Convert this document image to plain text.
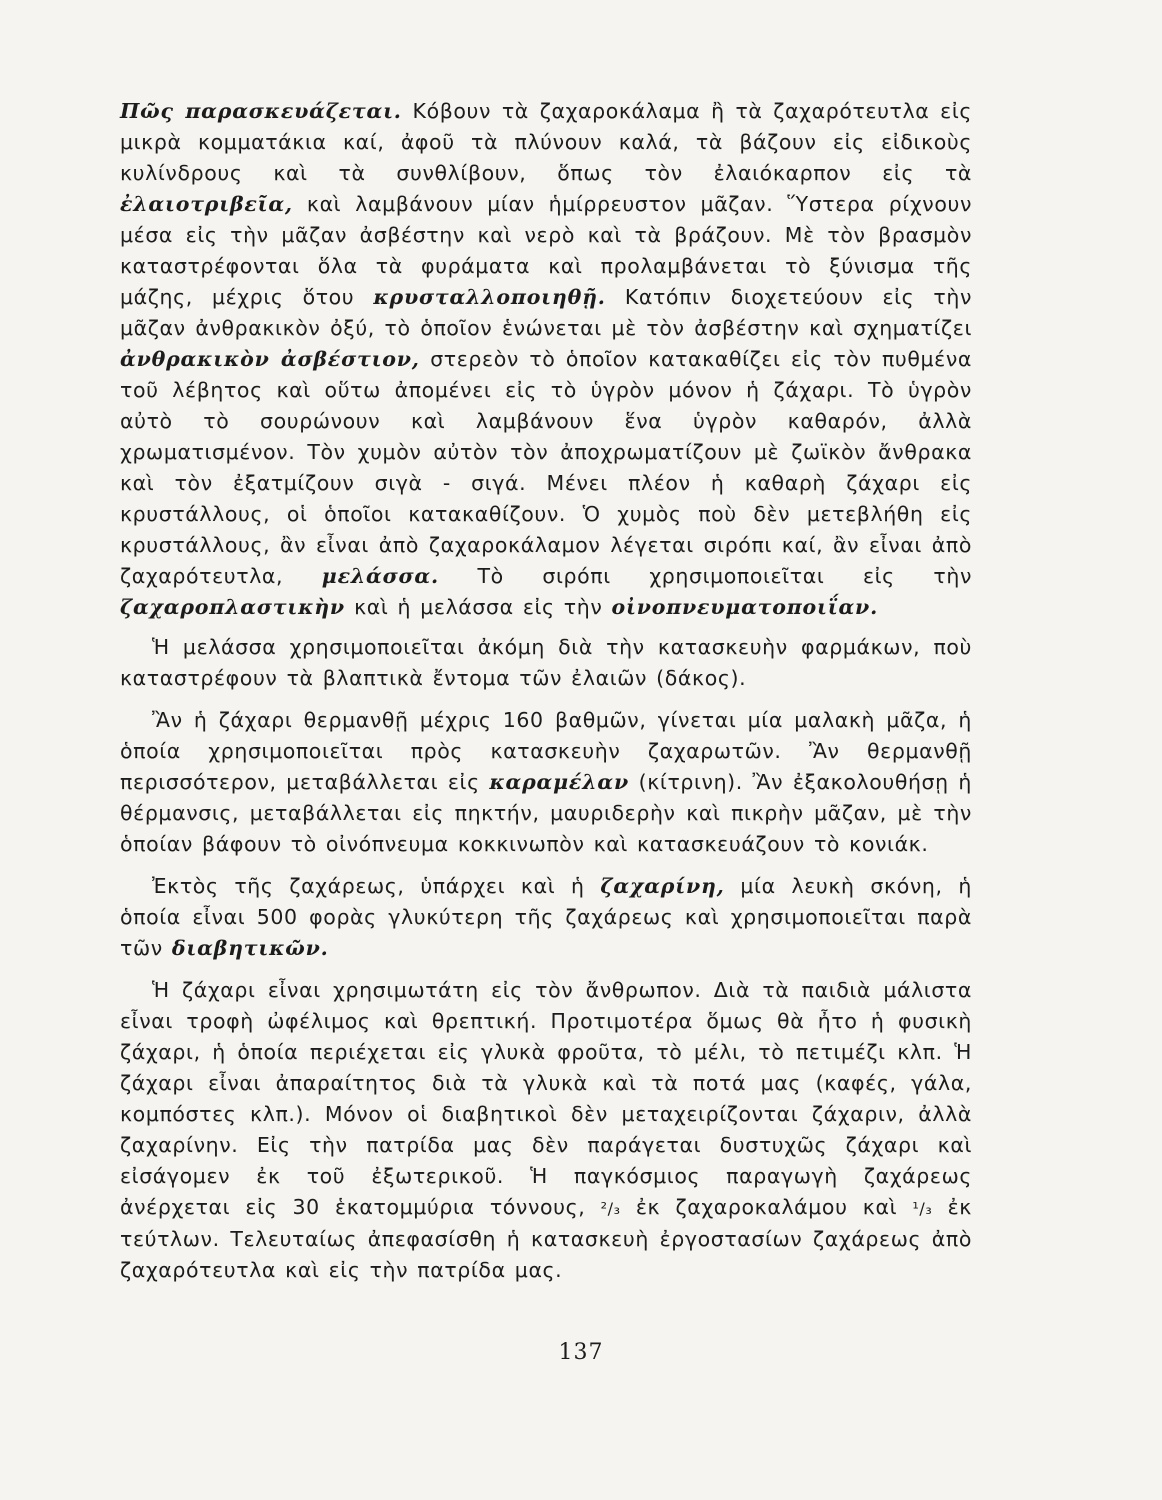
Πῶς παρασκευάζεται. Κόβουν τὰ ζαχαροκάλαμα ἢ τὰ ζαχαρότευτλα εἰς μικρὰ κομματάκια καί, ἀφοῦ τὰ πλύνουν καλά, τὰ βάζουν εἰς εἰδικοὺς κυλίνδρους καὶ τὰ συνθλίβουν, ὅπως τὸν ἐλαιόκαρπον εἰς τὰ ἐλαιοτριβεῖα, καὶ λαμβάνουν μίαν ἡμίρρευστον μᾶζαν. Ὕστερα ρίχνουν μέσα εἰς τὴν μᾶζαν ἀσβέστην καὶ νερὸ καὶ τὰ βράζουν. Μὲ τὸν βρασμὸν καταστρέφονται ὅλα τὰ φυράματα καὶ προλαμβάνεται τὸ ξύνισμα τῆς μάζης, μέχρις ὅτου κρυσταλλοποιηθῇ. Κατόπιν διοχετεύουν εἰς τὴν μᾶζαν ἀνθρακικὸν ὀξύ, τὸ ὁποῖον ἑνώνεται μὲ τὸν ἀσβέστην καὶ σχηματίζει ἀνθρακικὸν ἀσβέστιον, στερεὸν τὸ ὁποῖον κατακαθίζει εἰς τὸν πυθμένα τοῦ λέβητος καὶ οὕτω ἀπομένει εἰς τὸ ὑγρὸν μόνον ἡ ζάχαρι. Τὸ ὑγρὸν αὐτὸ τὸ σουρώνουν καὶ λαμβάνουν ἕνα ὑγρὸν καθαρόν, ἀλλὰ χρωματισμένον. Τὸν χυμὸν αὐτὸν τὸν ἀποχρωματίζουν μὲ ζωϊκὸν ἄνθρακα καὶ τὸν ἐξατμίζουν σιγὰ - σιγά. Μένει πλέον ἡ καθαρὴ ζάχαρι εἰς κρυστάλλους, οἱ ὁποῖοι κατακαθίζουν. Ὁ χυμὸς ποὺ δὲν μετεβλήθη εἰς κρυστάλλους, ἂν εἶναι ἀπὸ ζαχαροκάλαμον λέγεται σιρόπι καί, ἂν εἶναι ἀπὸ ζαχαρότευτλα, μελάσσα. Τὸ σιρόπι χρησιμοποιεῖται εἰς τὴν ζαχαροπλαστικὴν καὶ ἡ μελάσσα εἰς τὴν οἰνοπνευματοποιΐαν.

Ἡ μελάσσα χρησιμοποιεῖται ἀκόμη διὰ τὴν κατασκευὴν φαρμάκων, ποὺ καταστρέφουν τὰ βλαπτικὰ ἔντομα τῶν ἐλαιῶν (δάκος).

Ἂν ἡ ζάχαρι θερμανθῇ μέχρις 160 βαθμῶν, γίνεται μία μαλακὴ μᾶζα, ἡ ὁποία χρησιμοποιεῖται πρὸς κατασκευὴν ζαχαρωτῶν. Ἂν θερμανθῇ περισσότερον, μεταβάλλεται εἰς καραμέλαν (κίτρινη). Ἂν ἐξακολουθήσῃ ἡ θέρμανσις, μεταβάλλεται εἰς πηκτήν, μαυριδερὴν καὶ πικρὴν μᾶζαν, μὲ τὴν ὁποίαν βάφουν τὸ οἰνόπνευμα κοκκινωπὸν καὶ κατασκευάζουν τὸ κονιάκ.

Ἐκτὸς τῆς ζαχάρεως, ὑπάρχει καὶ ἡ ζαχαρίνη, μία λευκὴ σκόνη, ἡ ὁποία εἶναι 500 φορὰς γλυκύτερη τῆς ζαχάρεως καὶ χρησιμοποιεῖται παρὰ τῶν διαβητικῶν.

Ἡ ζάχαρι εἶναι χρησιμωτάτη εἰς τὸν ἄνθρωπον. Διὰ τὰ παιδιὰ μάλιστα εἶναι τροφὴ ὠφέλιμος καὶ θρεπτική. Προτιμοτέρα ὅμως θὰ ἦτο ἡ φυσικὴ ζάχαρι, ἡ ὁποία περιέχεται εἰς γλυκὰ φροῦτα, τὸ μέλι, τὸ πετιμέζι κλπ. Ἡ ζάχαρι εἶναι ἀπαραίτητος διὰ τὰ γλυκὰ καὶ τὰ ποτά μας (καφές, γάλα, κομπόστες κλπ.). Μόνον οἱ διαβητικοὶ δὲν μεταχειρίζονται ζάχαριν, ἀλλὰ ζαχαρίνην. Εἰς τὴν πατρίδα μας δὲν παράγεται δυστυχῶς ζάχαρι καὶ εἰσάγομεν ἐκ τοῦ ἐξωτερικοῦ. Ἡ παγκόσμιος παραγωγὴ ζαχάρεως ἀνέρχεται εἰς 30 ἑκατομμύρια τόννους, ²/₃ ἐκ ζαχαροκαλάμου καὶ ¹/₃ ἐκ τεύτλων. Τελευταίως ἀπεφασίσθη ἡ κατασκευὴ ἐργοστασίων ζαχάρεως ἀπὸ ζαχαρότευτλα καὶ εἰς τὴν πατρίδα μας.

137
